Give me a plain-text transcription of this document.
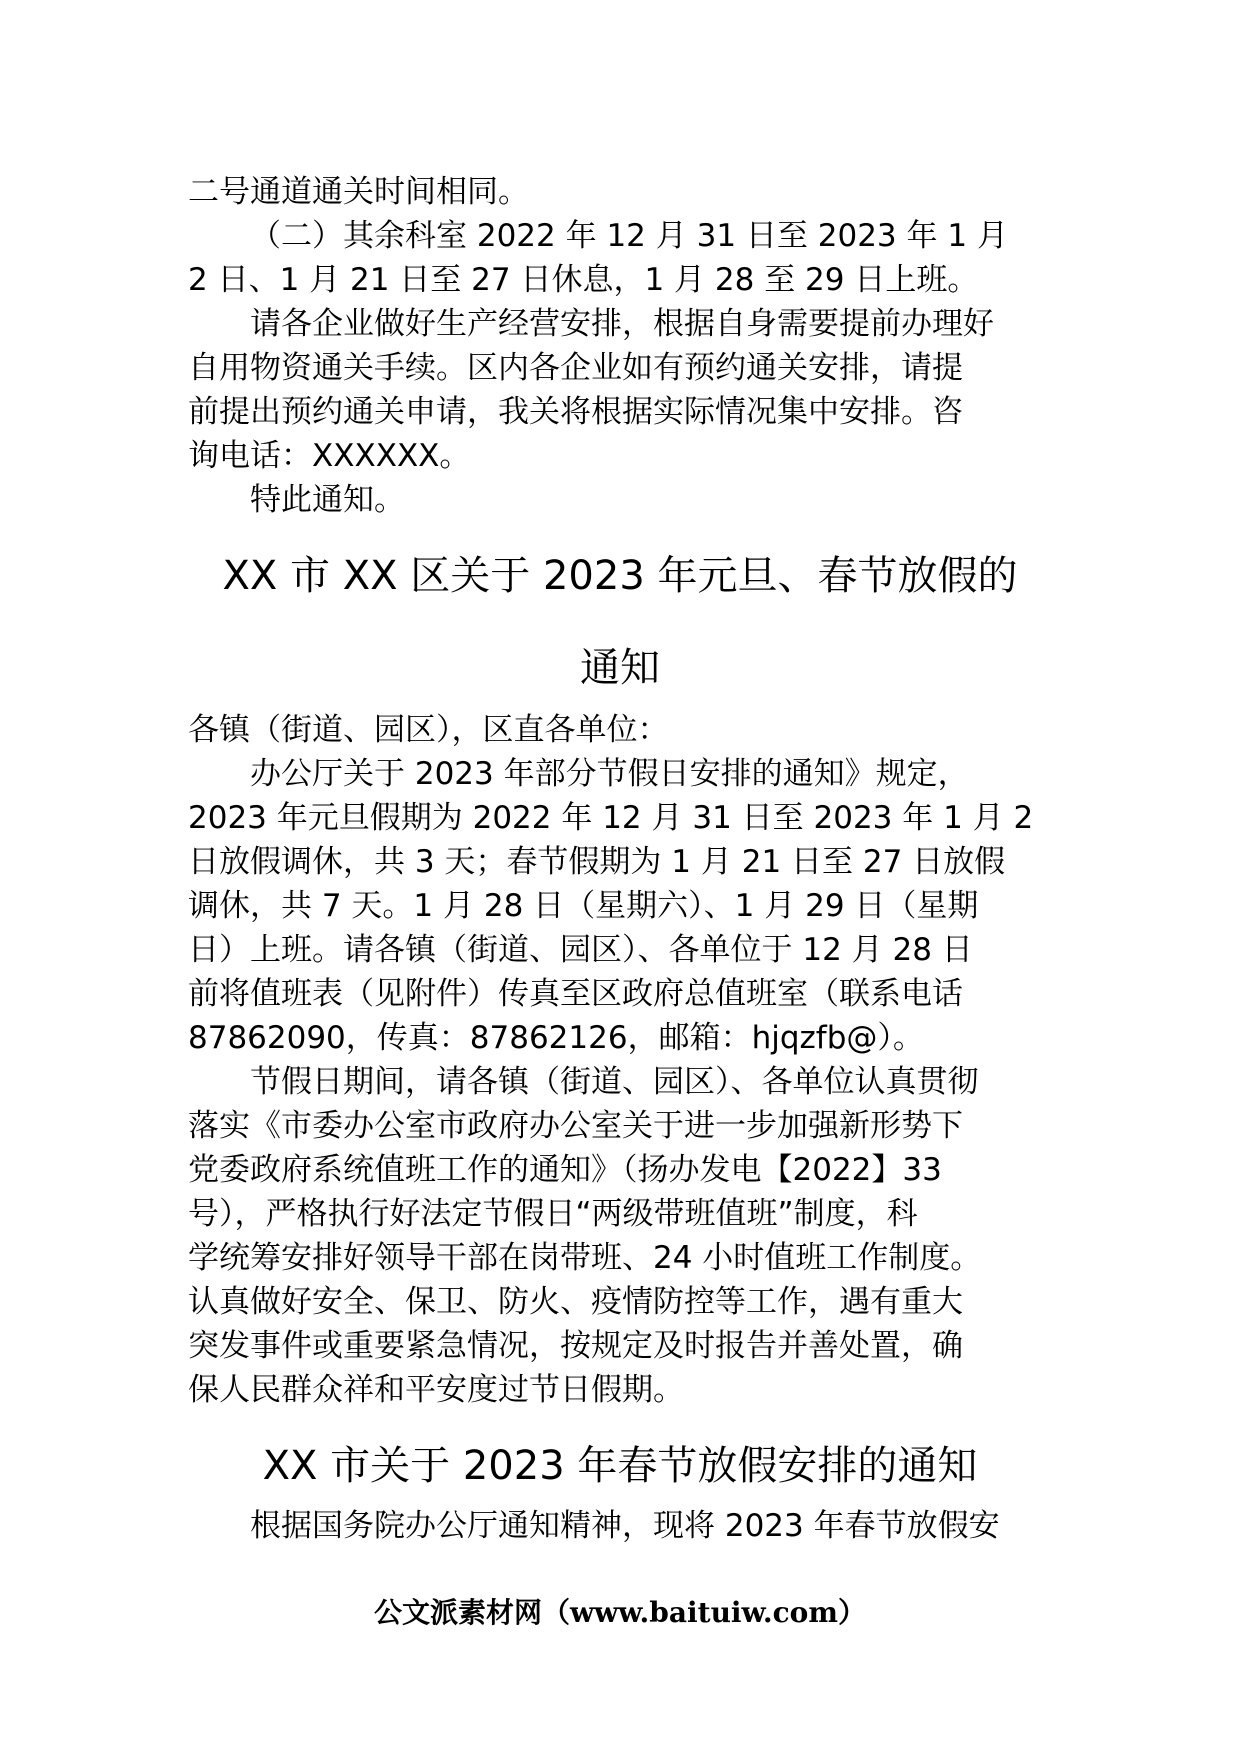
二号通道通关时间相同。
（二）其余科室 2022 年 12 月 31 日至 2023 年 1 月
2 日、1 月 21 日至 27 日休息，1 月 28 至 29 日上班。
请各企业做好生产经营安排，根据自身需要提前办理好
自用物资通关手续。区内各企业如有预约通关安排，请提
前提出预约通关申请，我关将根据实际情况集中安排。咨
询电话：XXXXXX。
特此通知。
XX 市 XX 区关于 2023 年元旦、春节放假的
通知
各镇（街道、园区），区直各单位：
办公厅关于 2023 年部分节假日安排的通知》规定，
2023 年元旦假期为 2022 年 12 月 31 日至 2023 年 1 月 2
日放假调休，共 3 天；春节假期为 1 月 21 日至 27 日放假
调休，共 7 天。1 月 28 日（星期六）、1 月 29 日（星期
日）上班。请各镇（街道、园区）、各单位于 12 月 28 日
前将值班表（见附件）传真至区政府总值班室（联系电话
87862090，传真：87862126，邮箱：hjqzfb@）。
节假日期间，请各镇（街道、园区）、各单位认真贯彻
落实《市委办公室市政府办公室关于进一步加强新形势下
党委政府系统值班工作的通知》（扬办发电【2022】33
号），严格执行好法定节假日“两级带班值班”制度，科
学统筹安排好领导干部在岗带班、24 小时值班工作制度。
认真做好安全、保卫、防火、疫情防控等工作，遇有重大
突发事件或重要紧急情况，按规定及时报告并善处置，确
保人民群众祥和平安度过节日假期。
XX 市关于 2023 年春节放假安排的通知
根据国务院办公厅通知精神，现将 2023 年春节放假安
公文派素材网（www.baituiw.com）
